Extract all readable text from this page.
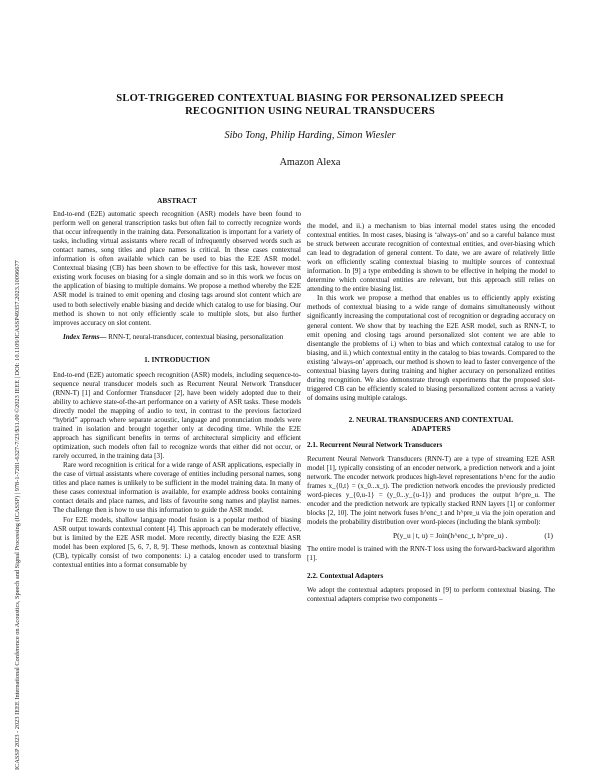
ICASSP 2023 - 2023 IEEE International Conference on Acoustics, Speech and Signal Processing (ICASSP) | 978-1-7281-6327-7/23/$31.00 ©2023 IEEE | DOI: 10.1109/ICASSP49357.2023.10096677
SLOT-TRIGGERED CONTEXTUAL BIASING FOR PERSONALIZED SPEECH
RECOGNITION USING NEURAL TRANSDUCERS
Sibo Tong, Philip Harding, Simon Wiesler
Amazon Alexa

ABSTRACT

End-to-end (E2E) automatic speech recognition (ASR) models have been found to perform well on general transcription tasks but often fail to correctly recognize words that occur infrequently in the training data. Personalization is important for a variety of tasks, including virtual assistants where recall of infrequently observed words such as contact names, song titles and place names is critical. In these cases contextual information is often available which can be used to bias the E2E ASR model. Contextual biasing (CB) has been shown to be effective for this task, however most existing work focuses on biasing for a single domain and so in this work we focus on the application of biasing to multiple domains. We propose a method whereby the E2E ASR model is trained to emit opening and closing tags around slot content which are used to both selectively enable biasing and decide which catalog to use for biasing. Our method is shown to not only efficiently scale to multiple slots, but also further improves accuracy on slot content.

Index Terms— RNN-T, neural-transducer, contextual biasing, personalization

1. INTRODUCTION

End-to-end (E2E) automatic speech recognition (ASR) models, including sequence-to-sequence neural transducer models such as Recurrent Neural Network Transducer (RNN-T) [1] and Conformer Transducer [2], have been widely adopted due to their ability to achieve state-of-the-art performance on a variety of ASR tasks. These models directly model the mapping of audio to text, in contrast to the previous factorized “hybrid” approach where separate acoustic, language and pronunciation models were trained in isolation and brought together only at decoding time. While the E2E approach has significant benefits in terms of architectural simplicity and efficient optimization, such models often fail to recognize words that either did not occur, or rarely occurred, in the training data [3].

Rare word recognition is critical for a wide range of ASR applications, especially in the case of virtual assistants where coverage of entities including personal names, song titles and place names is unlikely to be sufficient in the model training data. In many of these cases contextual information is available, for example address books containing contact details and place names, and lists of favourite song names and playlist names. The challenge then is how to use this information to guide the ASR model.

For E2E models, shallow language model fusion is a popular method of biasing ASR output towards contextual content [4]. This approach can be moderately effective, but is limited by the E2E ASR model. More recently, directly biasing the E2E ASR model has been explored [5, 6, 7, 8, 9]. These methods, known as contextual biasing (CB), typically consist of two components: i.) a catalog encoder used to transform contextual entities into a format consumable by

the model, and ii.) a mechanism to bias internal model states using the encoded contextual entities. In most cases, biasing is ‘always-on’ and so a careful balance must be struck between accurate recognition of contextual entities, and over-biasing which can lead to degradation of general content. To date, we are aware of relatively little work on efficiently scaling contextual biasing to multiple sources of contextual information. In [9] a type embedding is shown to be effective in helping the model to determine which contextual entities are relevant, but this approach still relies on attending to the entire biasing list.

In this work we propose a method that enables us to efficiently apply existing methods of contextual biasing to a wide range of domains simultaneously without significantly increasing the computational cost of recognition or degrading accuracy on general content. We show that by teaching the E2E ASR model, such as RNN-T, to emit opening and closing tags around personalized slot content we are able to disentangle the problems of i.) when to bias and which contextual catalog to use for biasing, and ii.) which contextual entity in the catalog to bias towards. Compared to the existing ‘always-on’ approach, our method is shown to lead to faster convergence of the contextual biasing layers during training and higher accuracy on personalized entities during recognition. We also demonstrate through experiments that the proposed slot-triggered CB can be efficiently scaled to biasing personalized content across a variety of domains using multiple catalogs.

2. NEURAL TRANSDUCERS AND CONTEXTUAL
ADAPTERS

2.1. Recurrent Neural Network Transducers

Recurrent Neural Network Transducers (RNN-T) are a type of streaming E2E ASR model [1], typically consisting of an encoder network, a prediction network and a joint network. The encoder network produces high-level representations h^enc for the audio frames x_{0,t} = (x_0...x_t). The prediction network encodes the previously predicted word-pieces y_{0,u-1} = (y_0...y_{u-1}) and produces the output h^pre_u. The encoder and the prediction network are typically stacked RNN layers [1] or conformer blocks [2, 10]. The joint network fuses h^enc_t and h^pre_u via the join operation and models the probability distribution over word-pieces (including the blank symbol):

P(y_u | t, u) = Join(h^enc_t, h^pre_u) .	(1)

The entire model is trained with the RNN-T loss using the forward-backward algorithm [1].

2.2. Contextual Adapters

We adopt the contextual adapters proposed in [9] to perform contextual biasing. The contextual adapters comprise two components –
